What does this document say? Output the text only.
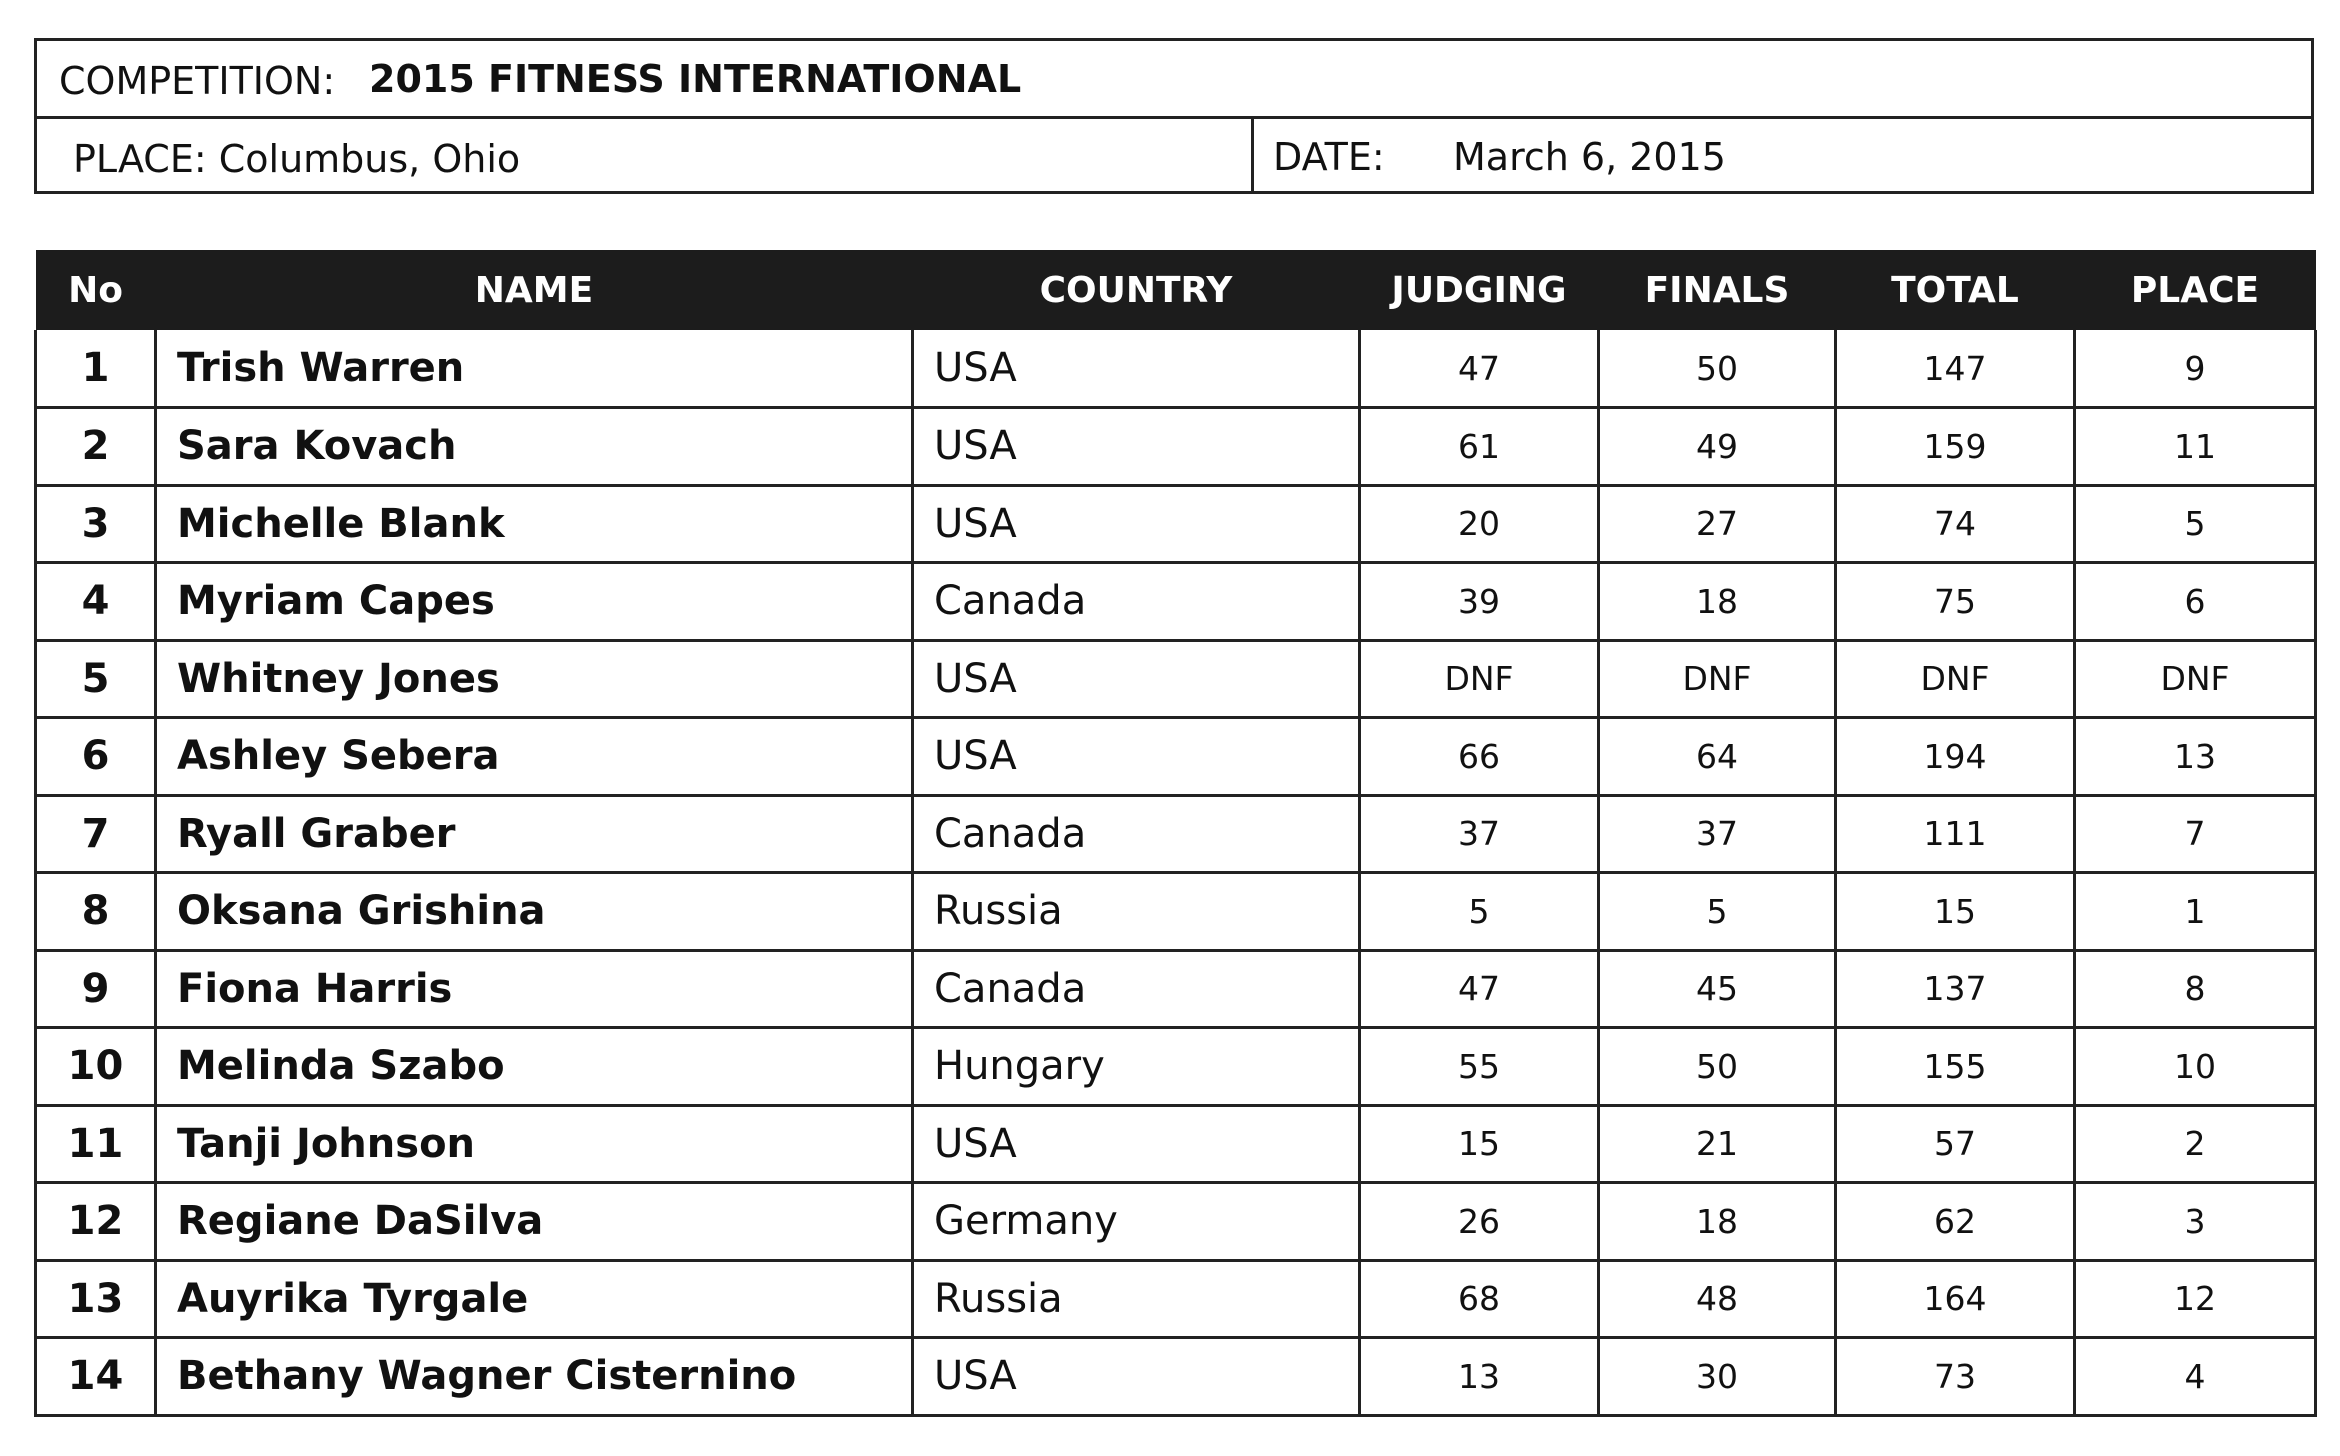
COMPETITION: 2015 FITNESS INTERNATIONAL
PLACE: Columbus, Ohio	DATE: March 6, 2015
No	NAME	COUNTRY	JUDGING	FINALS	TOTAL	PLACE
1	Trish Warren	USA	47	50	147	9
2	Sara Kovach	USA	61	49	159	11
3	Michelle Blank	USA	20	27	74	5
4	Myriam Capes	Canada	39	18	75	6
5	Whitney Jones	USA	DNF	DNF	DNF	DNF
6	Ashley Sebera	USA	66	64	194	13
7	Ryall Graber	Canada	37	37	111	7
8	Oksana Grishina	Russia	5	5	15	1
9	Fiona Harris	Canada	47	45	137	8
10	Melinda Szabo	Hungary	55	50	155	10
11	Tanji Johnson	USA	15	21	57	2
12	Regiane DaSilva	Germany	26	18	62	3
13	Auyrika Tyrgale	Russia	68	48	164	12
14	Bethany Wagner Cisternino	USA	13	30	73	4
